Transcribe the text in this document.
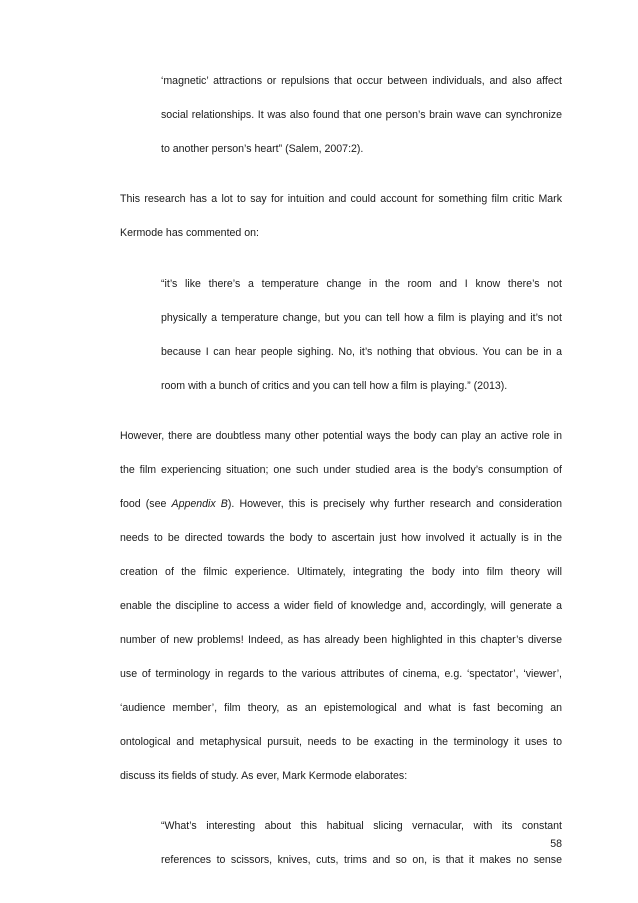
‘magnetic’ attractions or repulsions that occur between individuals, and also affect

social relationships. It was also found that one person’s brain wave can synchronize

to another person’s heart” (Salem, 2007:2).

This research has a lot to say for intuition and could account for something film critic Mark

Kermode has commented on:

“it’s like there’s a temperature change in the room and I know there’s not

physically a temperature change, but you can tell how a film is playing and it’s not

because I can hear people sighing. No, it’s nothing that obvious. You can be in a

room with a bunch of critics and you can tell how a film is playing.” (2013).

However, there are doubtless many other potential ways the body can play an active role in

the film experiencing situation; one such under studied area is the body’s consumption of

food (see Appendix B). However, this is precisely why further research and consideration

needs to be directed towards the body to ascertain just how involved it actually is in the

creation of the filmic experience. Ultimately, integrating the body into film theory will

enable the discipline to access a wider field of knowledge and, accordingly, will generate a

number of new problems! Indeed, as has already been highlighted in this chapter’s diverse

use of terminology in regards to the various attributes of cinema, e.g. ‘spectator’, ‘viewer’,

‘audience member’, film theory, as an epistemological and what is fast becoming an

ontological and metaphysical pursuit, needs to be exacting in the terminology it uses to

discuss its fields of study. As ever, Mark Kermode elaborates:

“What’s interesting about this habitual slicing vernacular, with its constant

references to scissors, knives, cuts, trims and so on, is that it makes no sense

58
